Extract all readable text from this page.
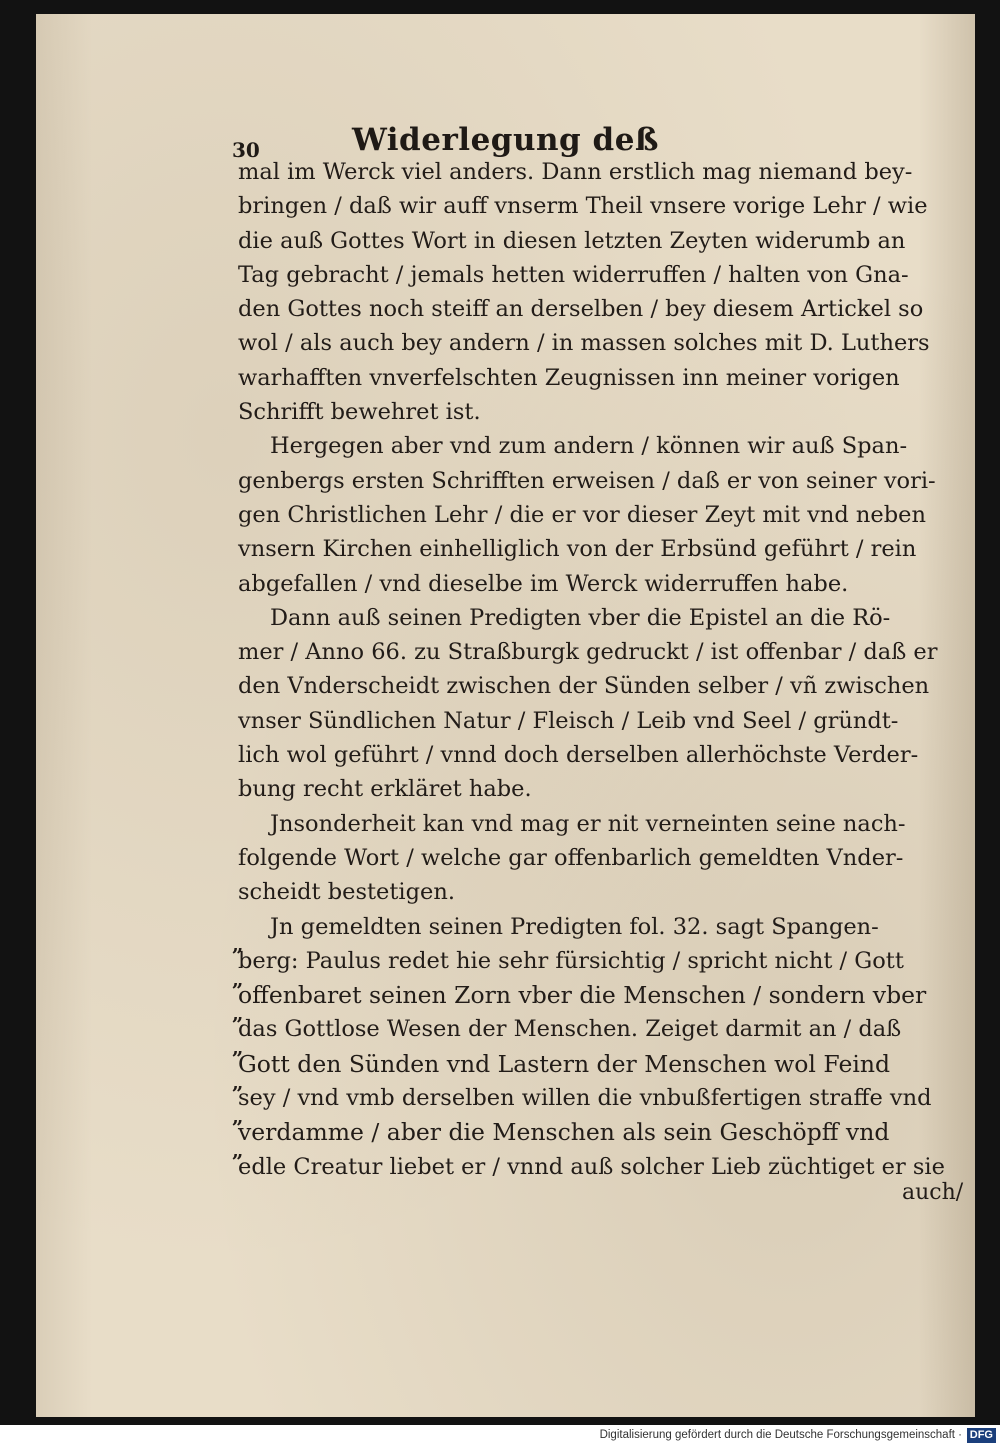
Widerlegung deß
30
mal im Werck viel anders. Dann erstlich mag niemand bey-
bringen / daß wir auff vnserm Theil vnsere vorige Lehr / wie
die auß Gottes Wort in diesen letzten Zeyten widerumb an
Tag gebracht / jemals hetten widerruffen / halten von Gna-
den Gottes noch steiff an derselben / bey diesem Artickel so
wol / als auch bey andern / in massen solches mit D. Luthers
warhafften vnverfelschten Zeugnissen inn meiner vorigen
Schrifft bewehret ist.
Hergegen aber vnd zum andern / können wir auß Span-
genbergs ersten Schrifften erweisen / daß er von seiner vori-
gen Christlichen Lehr / die er vor dieser Zeyt mit vnd neben
vnsern Kirchen einhelliglich von der Erbsünd geführt / rein
abgefallen / vnd dieselbe im Werck widerruffen habe.
Dann auß seinen Predigten vber die Epistel an die Rö-
mer / Anno 66. zu Straßburgk gedruckt / ist offenbar / daß er
den Vnderscheidt zwischen der Sünden selber / vñ zwischen
vnser Sündlichen Natur / Fleisch / Leib vnd Seel / gründt-
lich wol geführt / vnnd doch derselben allerhöchste Verder-
bung recht erkläret habe.
Jnsonderheit kan vnd mag er nit verneinten seine nach-
folgende Wort / welche gar offenbarlich gemeldten Vnder-
scheidt bestetigen.
Jn gemeldten seinen Predigten fol. 32. sagt Spangen-
berg: Paulus redet hie sehr fürsichtig / spricht nicht / Gott
offenbaret seinen Zorn vber die Menschen / sondern vber
das Gottlose Wesen der Menschen. Zeiget darmit an / daß
Gott den Sünden vnd Lastern der Menschen wol Feind
sey / vnd vmb derselben willen die vnbußfertigen straffe vnd
verdamme / aber die Menschen als sein Geschöpff vnd
edle Creatur liebet er / vnnd auß solcher Lieb züchtiget er sie
„
„
„
„
„
„
„
auch/
Digitalisierung gefördert durch die Deutsche Forschungsgemeinschaft · DFG
